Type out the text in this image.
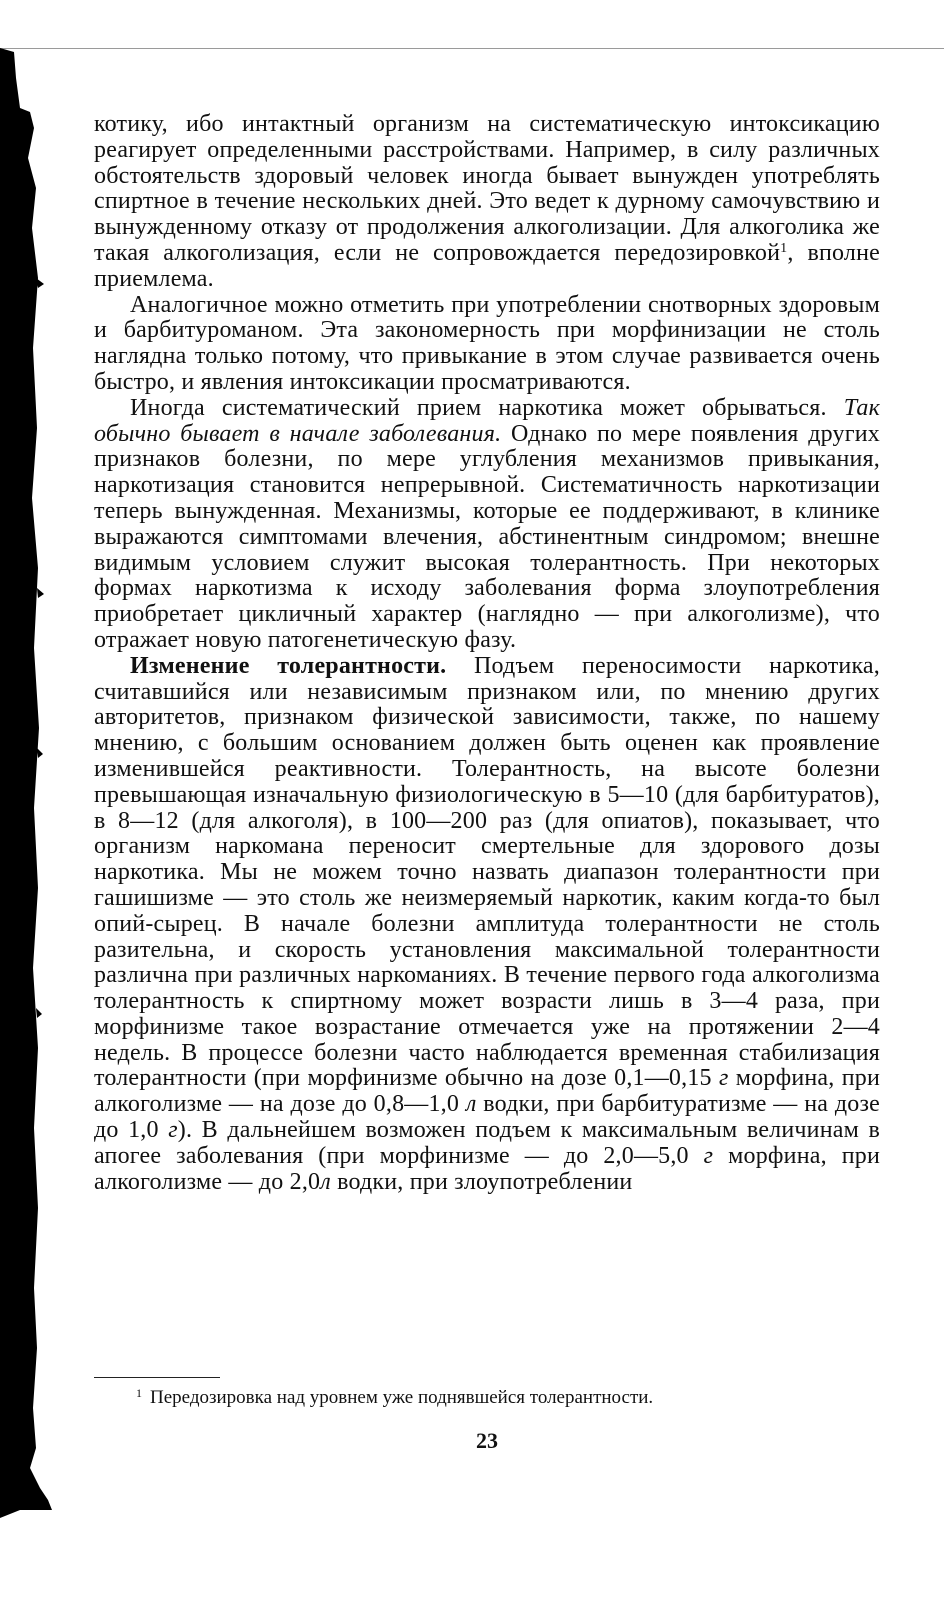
котику, ибо интактный организм на систематическую интоксикацию реагирует определенными расстройствами. Например, в силу различных обстоятельств здоровый человек иногда бывает вынужден употреблять спиртное в течение нескольких дней. Это ведет к дурному самочувствию и вынужденному отказу от продолжения алкоголизации. Для алкоголика же такая алкоголизация, если не сопровождается передозировкой$^1$, вполне приемлема.

Аналогичное можно отметить при употреблении снотворных здоровым и барбитуроманом. Эта закономерность при морфинизации не столь наглядна только потому, что привыкание в этом случае развивается очень быстро, и явления интоксикации просматриваются.

Иногда систематический прием наркотика может обрываться. Так обычно бывает в начале заболевания. Однако по мере появления других признаков болезни, по мере углубления механизмов привыкания, наркотизация становится непрерывной. Систематичность наркотизации теперь вынужденная. Механизмы, которые ее поддерживают, в клинике выражаются симптомами влечения, абстинентным синдромом; внешне видимым условием служит высокая толерантность. При некоторых формах наркотизма к исходу заболевания форма злоупотребления приобретает цикличный характер (наглядно — при алкоголизме), что отражает новую патогенетическую фазу.

Изменение толерантности. Подъем переносимости наркотика, считавшийся или независимым признаком или, по мнению других авторитетов, признаком физической зависимости, также, по нашему мнению, с большим основанием должен быть оценен как проявление изменившейся реактивности. Толерантность, на высоте болезни превышающая изначальную физиологическую в 5—10 (для барбитуратов), в 8—12 (для алкоголя), в 100—200 раз (для опиатов), показывает, что организм наркомана переносит смертельные для здорового дозы наркотика. Мы не можем точно назвать диапазон толерантности при гашишизме — это столь же неизмеряемый наркотик, каким когда-то был опий-сырец. В начале болезни амплитуда толерантности не столь разительна, и скорость установления максимальной толерантности различна при различных наркоманиях. В течение первого года алкоголизма толерантность к спиртному может возрасти лишь в 3—4 раза, при морфинизме такое возрастание отмечается уже на протяжении 2—4 недель. В процессе болезни часто наблюдается временная стабилизация толерантности (при морфинизме обычно на дозе 0,1—0,15 г морфина, при алкоголизме — на дозе до 0,8—1,0 л водки, при барбитуратизме — на дозе до 1,0 г). В дальнейшем возможен подъем к максимальным величинам в апогее заболевания (при морфинизме — до 2,0—5,0 г морфина, при алкоголизме — до 2,0л водки, при злоупотреблении

$^1$ Передозировка над уровнем уже поднявшейся толерантности.
23
